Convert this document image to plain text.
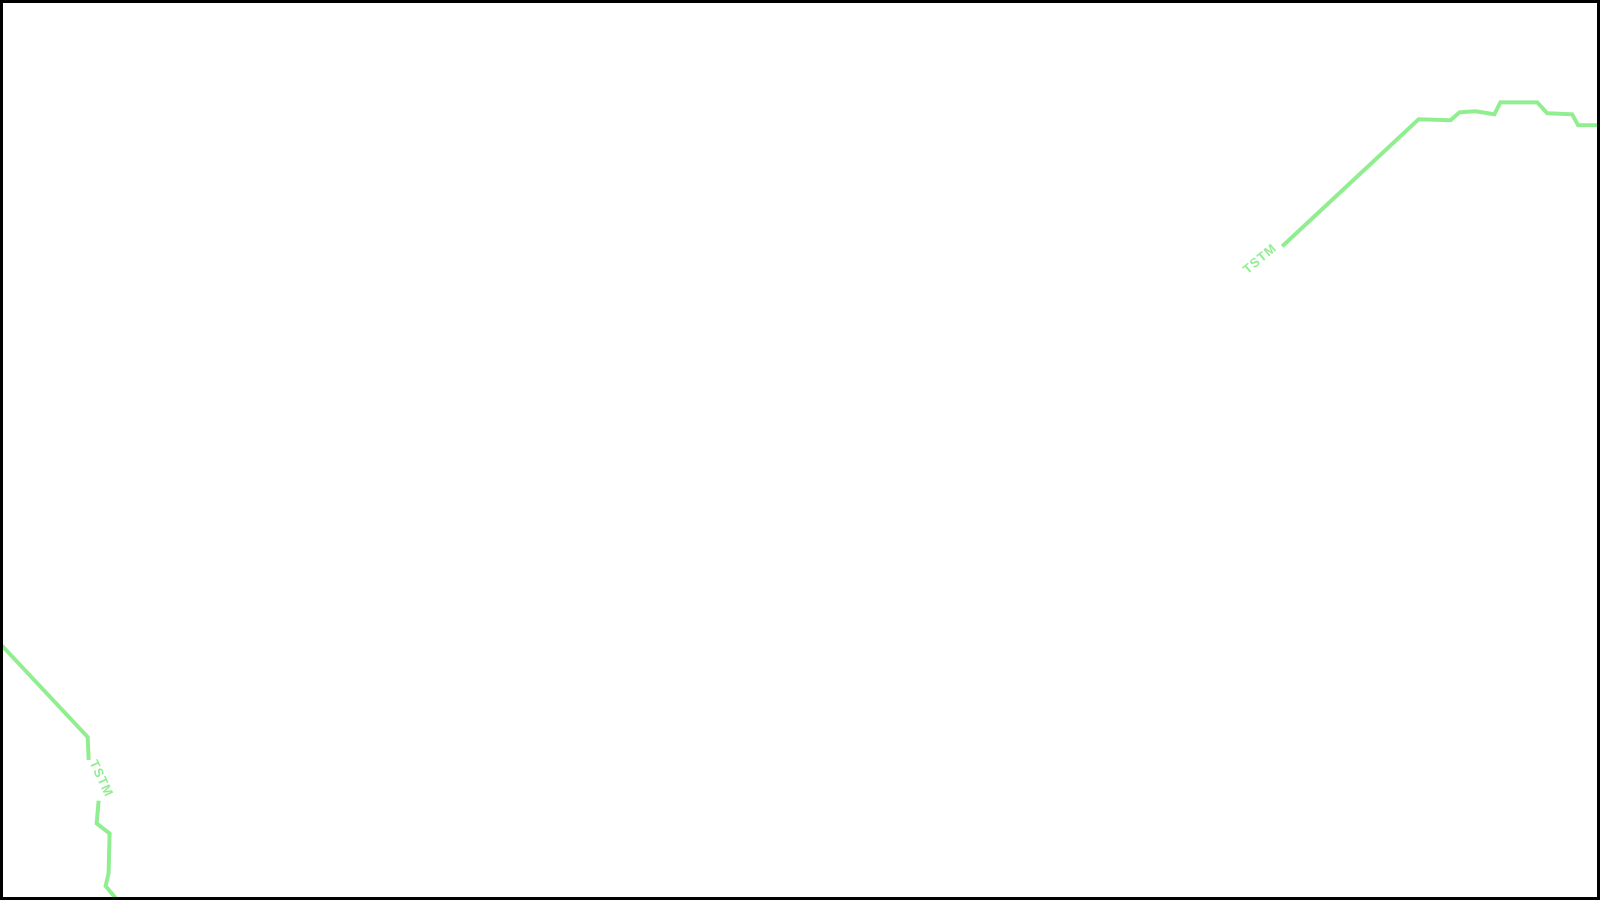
TSTM
TSTM
